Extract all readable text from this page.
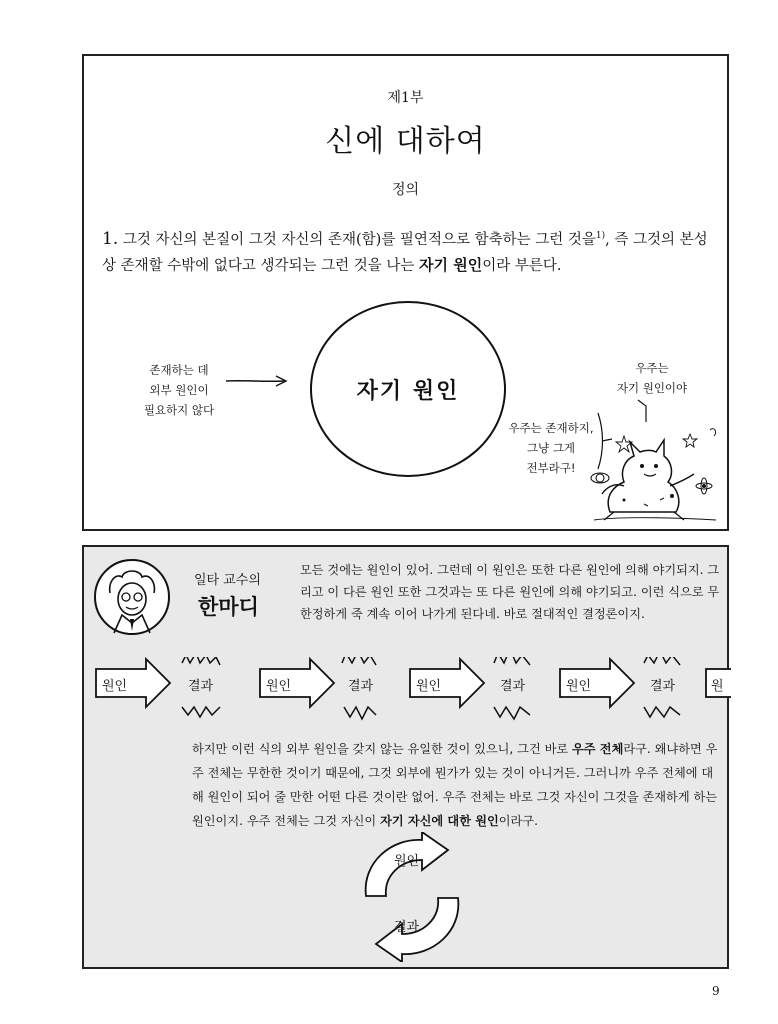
제1부
신에 대하여
정의
1. 그것 자신의 본질이 그것 자신의 존재(함)를 필연적으로 함축하는 그런 것을$^{1)}$, 즉 그것의 본성상 존재할 수밖에 없다고 생각되는 그런 것을 나는 자기 원인이라 부른다.
존재하는 데
외부 원인이
필요하지 않다
자기 원인
우주는
자기 원인이야
우주는 존재하지,
그냥 그게
전부라구!
일타 교수의
한마디
모든 것에는 원인이 있어. 그런데 이 원인은 또한 다른 원인에 의해 야기되지. 그리고 이 다른 원인 또한 그것과는 또 다른 원인에 의해 야기되고. 이런 식으로 무한정하게 죽 계속 이어 나가게 된다네. 바로 절대적인 결정론이지.
원인	결과	원인	결과	원인	결과	원인	결과	원
하지만 이런 식의 외부 원인을 갖지 않는 유일한 것이 있으니, 그건 바로 우주 전체라구. 왜냐하면 우주 전체는 무한한 것이기 때문에, 그것 외부에 뭔가가 있는 것이 아니거든. 그러니까 우주 전체에 대해 원인이 되어 줄 만한 어떤 다른 것이란 없어. 우주 전체는 바로 그것 자신이 그것을 존재하게 하는 원인이지. 우주 전체는 그것 자신이 자기 자신에 대한 원인이라구.
원인
결과
9
